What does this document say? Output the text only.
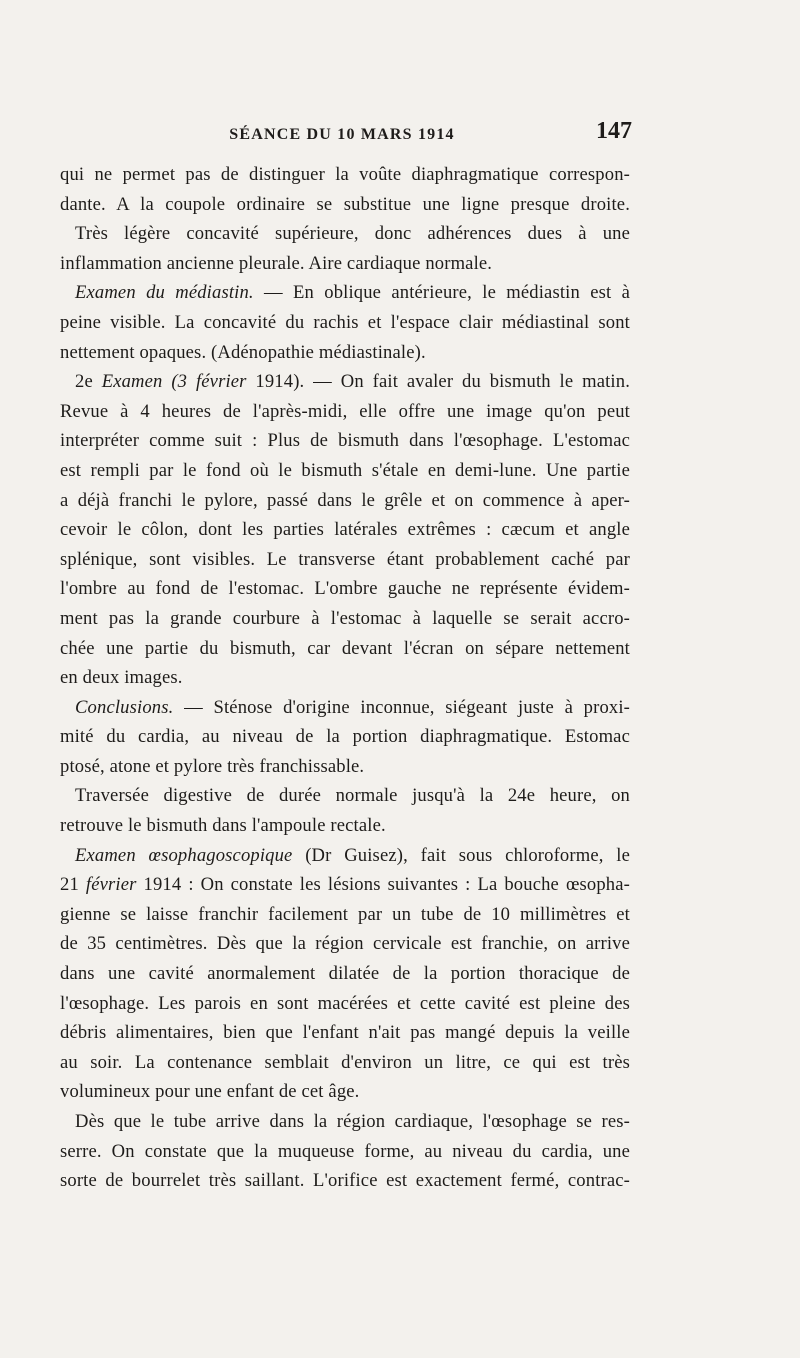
SÉANCE DU 10 MARS 1914	147
qui ne permet pas de distinguer la voûte diaphragmatique correspon-
dante. A la coupole ordinaire se substitue une ligne presque droite.
Très légère concavité supérieure, donc adhérences dues à une
inflammation ancienne pleurale. Aire cardiaque normale.
Examen du médiastin. — En oblique antérieure, le médiastin est à
peine visible. La concavité du rachis et l'espace clair médiastinal sont
nettement opaques. (Adénopathie médiastinale).
2e Examen (3 février 1914). — On fait avaler du bismuth le matin.
Revue à 4 heures de l'après-midi, elle offre une image qu'on peut
interpréter comme suit : Plus de bismuth dans l'œsophage. L'estomac
est rempli par le fond où le bismuth s'étale en demi-lune. Une partie
a déjà franchi le pylore, passé dans le grêle et on commence à aper-
cevoir le côlon, dont les parties latérales extrêmes : cæcum et angle
splénique, sont visibles. Le transverse étant probablement caché par
l'ombre au fond de l'estomac. L'ombre gauche ne représente évidem-
ment pas la grande courbure à l'estomac à laquelle se serait accro-
chée une partie du bismuth, car devant l'écran on sépare nettement
en deux images.
Conclusions. — Sténose d'origine inconnue, siégeant juste à proxi-
mité du cardia, au niveau de la portion diaphragmatique. Estomac
ptosé, atone et pylore très franchissable.
Traversée digestive de durée normale jusqu'à la 24e heure, on
retrouve le bismuth dans l'ampoule rectale.
Examen œsophagoscopique (Dr Guisez), fait sous chloroforme, le
21 février 1914 : On constate les lésions suivantes : La bouche œsopha-
gienne se laisse franchir facilement par un tube de 10 millimètres et
de 35 centimètres. Dès que la région cervicale est franchie, on arrive
dans une cavité anormalement dilatée de la portion thoracique de
l'œsophage. Les parois en sont macérées et cette cavité est pleine des
débris alimentaires, bien que l'enfant n'ait pas mangé depuis la veille
au soir. La contenance semblait d'environ un litre, ce qui est très
volumineux pour une enfant de cet âge.
Dès que le tube arrive dans la région cardiaque, l'œsophage se res-
serre. On constate que la muqueuse forme, au niveau du cardia, une
sorte de bourrelet très saillant. L'orifice est exactement fermé, contrac-
